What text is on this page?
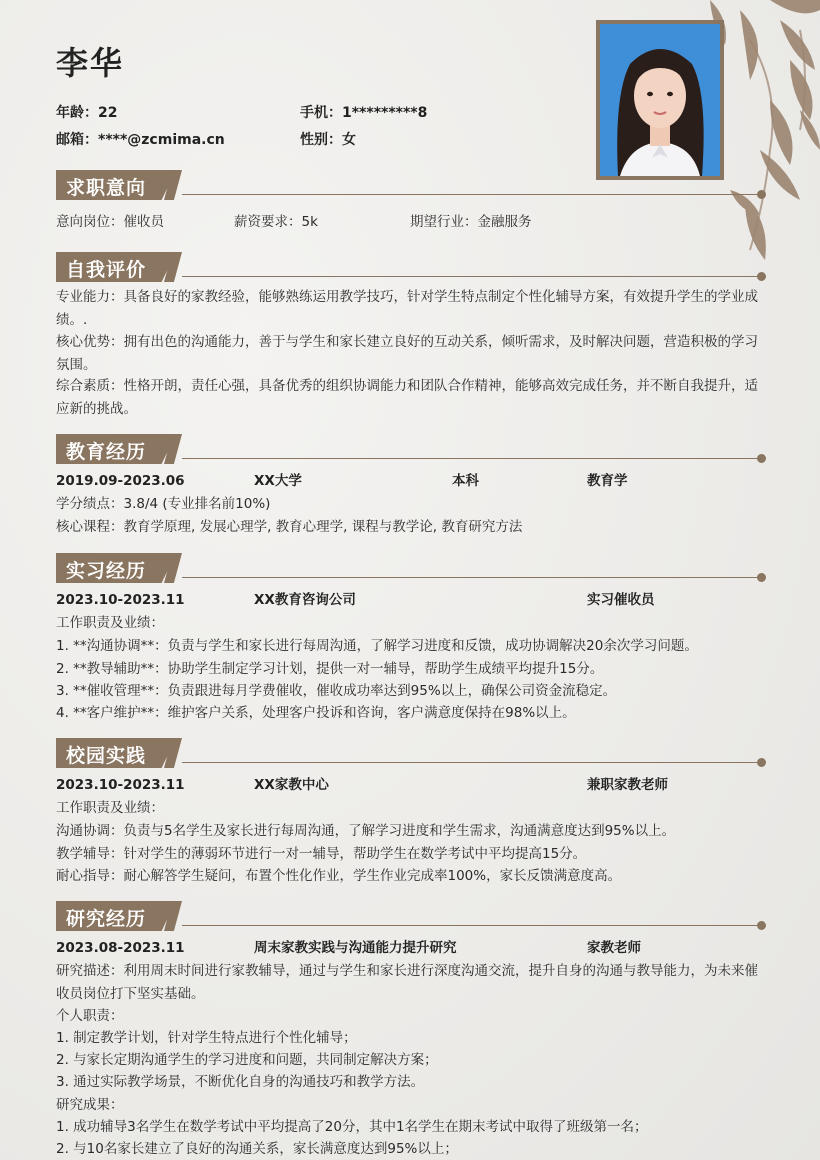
李华
年龄：22	手机：1*********8
邮箱：****@zcmima.cn	性别：女
求职意向
意向岗位：催收员	薪资要求：5k	期望行业：金融服务
自我评价
专业能力：具备良好的家教经验，能够熟练运用教学技巧，针对学生特点制定个性化辅导方案，有效提升学生的学业成绩。.
核心优势：拥有出色的沟通能力，善于与学生和家长建立良好的互动关系，倾听需求，及时解决问题，营造积极的学习氛围。
综合素质：性格开朗，责任心强，具备优秀的组织协调能力和团队合作精神，能够高效完成任务，并不断自我提升，适应新的挑战。
教育经历
2019.09-2023.06	XX大学	本科	教育学
学分绩点：3.8/4 (专业排名前10%)
核心课程：教育学原理, 发展心理学, 教育心理学, 课程与教学论, 教育研究方法
实习经历
2023.10-2023.11	XX教育咨询公司	实习催收员
工作职责及业绩：
1. **沟通协调**：负责与学生和家长进行每周沟通，了解学习进度和反馈，成功协调解决20余次学习问题。
2. **教导辅助**：协助学生制定学习计划，提供一对一辅导，帮助学生成绩平均提升15分。
3. **催收管理**：负责跟进每月学费催收，催收成功率达到95%以上，确保公司资金流稳定。
4. **客户维护**：维护客户关系，处理客户投诉和咨询，客户满意度保持在98%以上。
校园实践
2023.10-2023.11	XX家教中心	兼职家教老师
工作职责及业绩：
沟通协调：负责与5名学生及家长进行每周沟通，了解学习进度和学生需求，沟通满意度达到95%以上。
教学辅导：针对学生的薄弱环节进行一对一辅导，帮助学生在数学考试中平均提高15分。
耐心指导：耐心解答学生疑问，布置个性化作业，学生作业完成率100%，家长反馈满意度高。
研究经历
2023.08-2023.11	周末家教实践与沟通能力提升研究	家教老师
研究描述：利用周末时间进行家教辅导，通过与学生和家长进行深度沟通交流，提升自身的沟通与教导能力，为未来催收员岗位打下坚实基础。
个人职责：
1. 制定教学计划，针对学生特点进行个性化辅导；
2. 与家长定期沟通学生的学习进度和问题，共同制定解决方案；
3. 通过实际教学场景，不断优化自身的沟通技巧和教学方法。
研究成果：
1. 成功辅导3名学生在数学考试中平均提高了20分，其中1名学生在期末考试中取得了班级第一名；
2. 与10名家长建立了良好的沟通关系，家长满意度达到95%以上；
